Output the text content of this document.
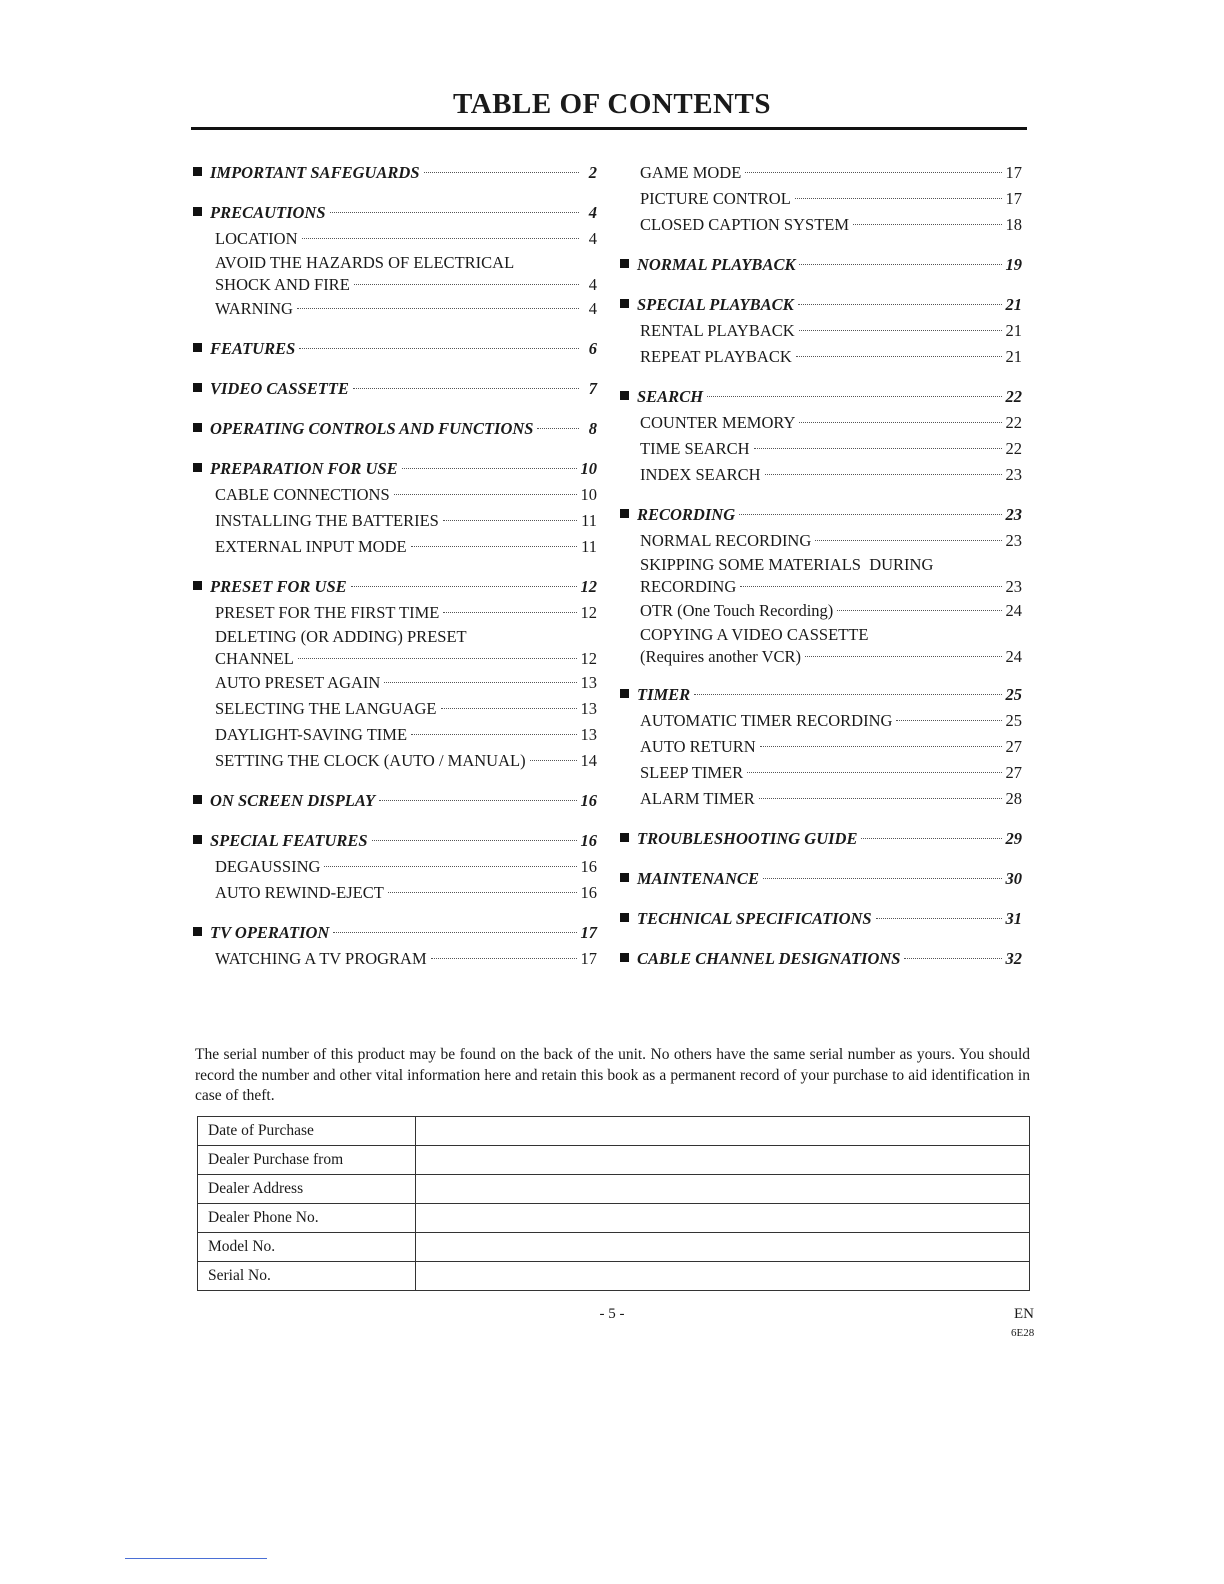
TABLE OF CONTENTS
IMPORTANT SAFEGUARDS	2
PRECAUTIONS	4
LOCATION	4
AVOID THE HAZARDS OF ELECTRICAL
SHOCK AND FIRE	4
WARNING	4
FEATURES	6
VIDEO CASSETTE	7
OPERATING CONTROLS AND FUNCTIONS	8
PREPARATION FOR USE	10
CABLE CONNECTIONS	10
INSTALLING THE BATTERIES	11
EXTERNAL INPUT MODE	11
PRESET FOR USE	12
PRESET FOR THE FIRST TIME	12
DELETING (OR ADDING) PRESET
CHANNEL	12
AUTO PRESET AGAIN	13
SELECTING THE LANGUAGE	13
DAYLIGHT-SAVING TIME	13
SETTING THE CLOCK (AUTO / MANUAL)	14
ON SCREEN DISPLAY	16
SPECIAL FEATURES	16
DEGAUSSING	16
AUTO REWIND-EJECT	16
TV OPERATION	17
WATCHING A TV PROGRAM	17
GAME MODE	17
PICTURE CONTROL	17
CLOSED CAPTION SYSTEM	18
NORMAL PLAYBACK	19
SPECIAL PLAYBACK	21
RENTAL PLAYBACK	21
REPEAT PLAYBACK	21
SEARCH	22
COUNTER MEMORY	22
TIME SEARCH	22
INDEX SEARCH	23
RECORDING	23
NORMAL RECORDING	23
SKIPPING SOME MATERIALS  DURING
RECORDING	23
OTR (One Touch Recording)	24
COPYING A VIDEO CASSETTE
(Requires another VCR)	24
TIMER	25
AUTOMATIC TIMER RECORDING	25
AUTO RETURN	27
SLEEP TIMER	27
ALARM TIMER	28
TROUBLESHOOTING GUIDE	29
MAINTENANCE	30
TECHNICAL SPECIFICATIONS	31
CABLE CHANNEL DESIGNATIONS	32
The serial number of this product may be found on the back of the unit. No others have the same serial number as yours. You should record the number and other vital information here and retain this book as a permanent record of your purchase to aid identification in case of theft.
Date of Purchase	
Dealer Purchase from	
Dealer Address	
Dealer Phone No.	
Model No.	
Serial No.	
- 5 -	EN
6E28
